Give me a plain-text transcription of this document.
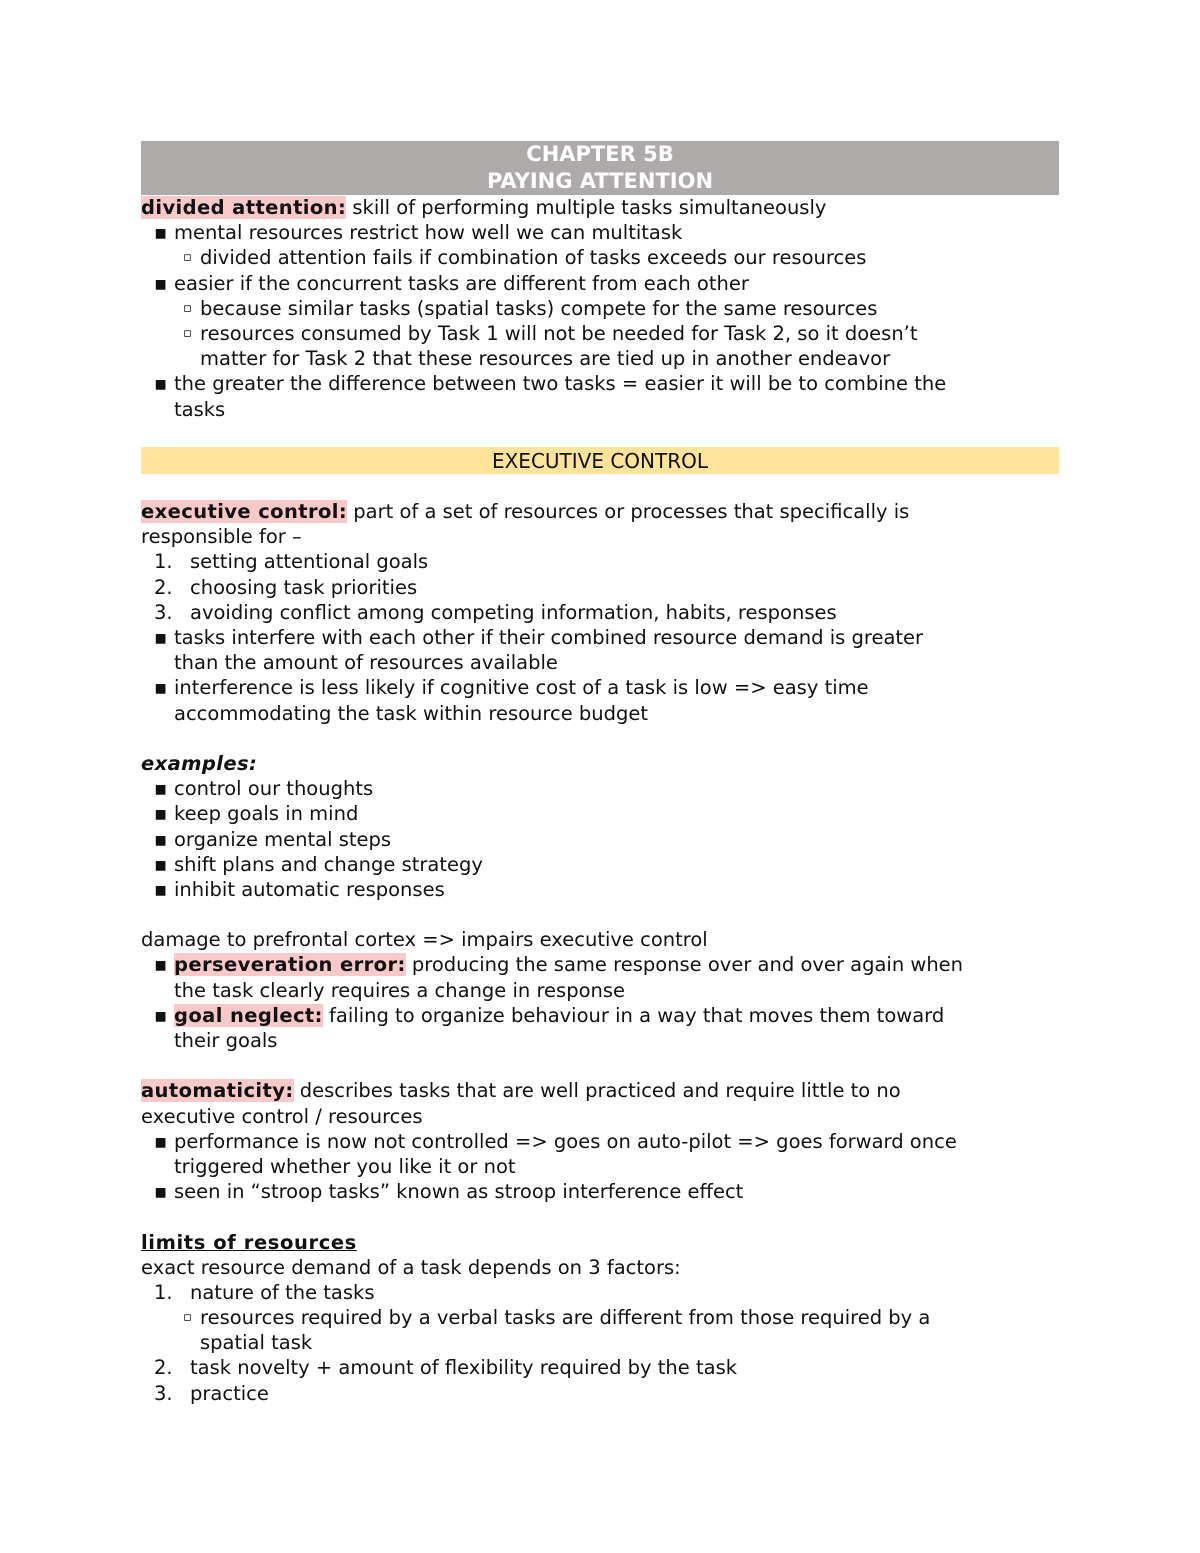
CHAPTER 5B
PAYING ATTENTION
divided attention: skill of performing multiple tasks simultaneously
▪ mental resources restrict how well we can multitask
▫ divided attention fails if combination of tasks exceeds our resources
▪ easier if the concurrent tasks are different from each other
▫ because similar tasks (spatial tasks) compete for the same resources
▫ resources consumed by Task 1 will not be needed for Task 2, so it doesn’t
matter for Task 2 that these resources are tied up in another endeavor
▪ the greater the difference between two tasks = easier it will be to combine the
tasks
EXECUTIVE CONTROL
executive control: part of a set of resources or processes that specifically is
responsible for –
1. setting attentional goals
2. choosing task priorities
3. avoiding conflict among competing information, habits, responses
▪ tasks interfere with each other if their combined resource demand is greater
than the amount of resources available
▪ interference is less likely if cognitive cost of a task is low => easy time
accommodating the task within resource budget
examples:
▪ control our thoughts
▪ keep goals in mind
▪ organize mental steps
▪ shift plans and change strategy
▪ inhibit automatic responses
damage to prefrontal cortex => impairs executive control
▪ perseveration error: producing the same response over and over again when
the task clearly requires a change in response
▪ goal neglect: failing to organize behaviour in a way that moves them toward
their goals
automaticity: describes tasks that are well practiced and require little to no
executive control / resources
▪ performance is now not controlled => goes on auto-pilot => goes forward once
triggered whether you like it or not
▪ seen in “stroop tasks” known as stroop interference effect
limits of resources
exact resource demand of a task depends on 3 factors:
1. nature of the tasks
▫ resources required by a verbal tasks are different from those required by a
spatial task
2. task novelty + amount of flexibility required by the task
3. practice
